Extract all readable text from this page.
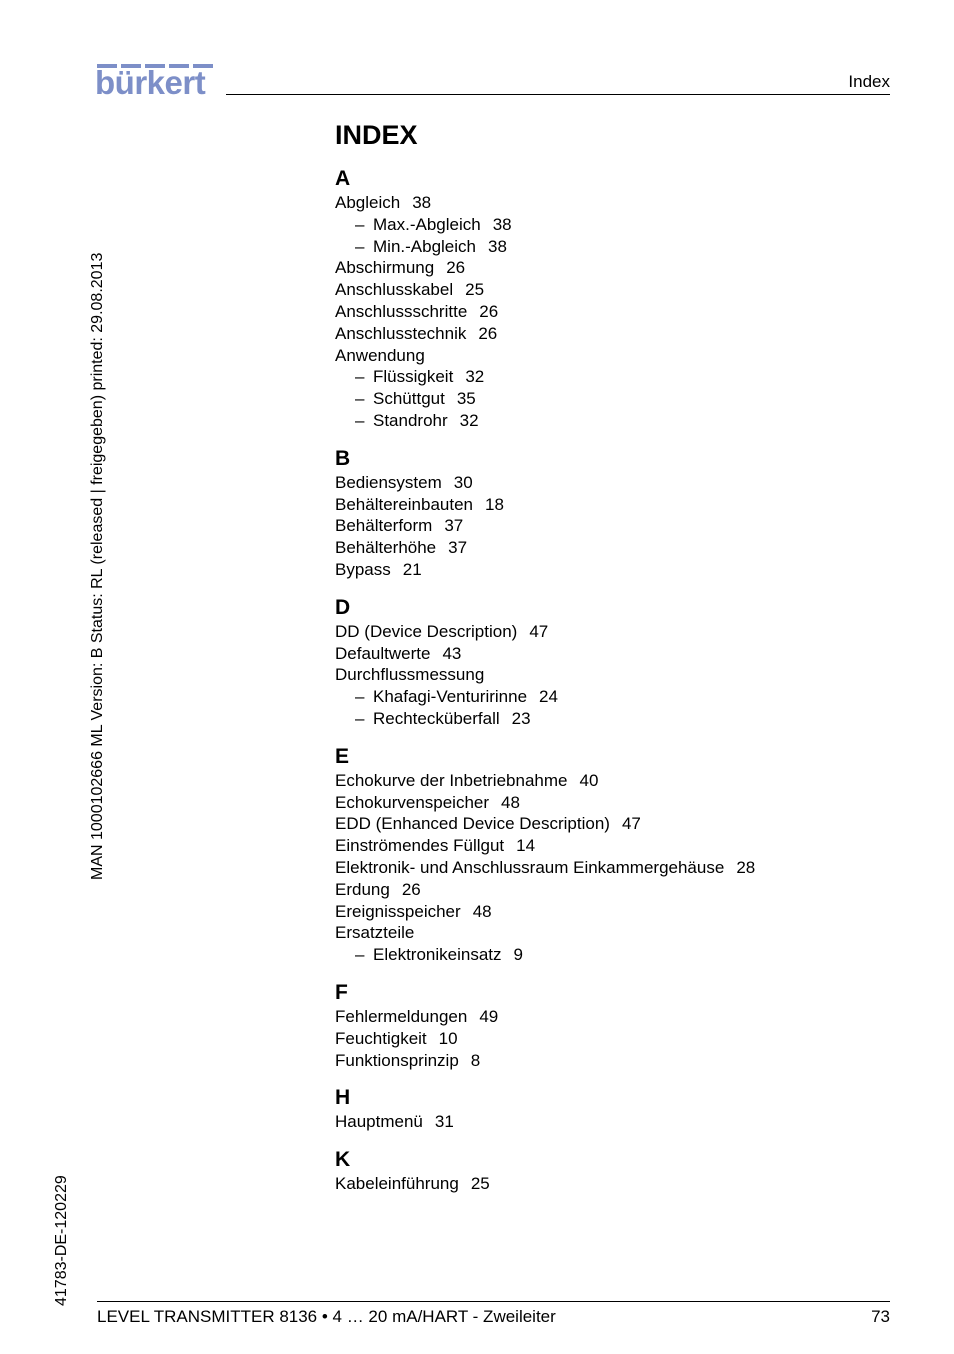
bürkert	Index
MAN 1000102666 ML Version: B Status: RL (released | freigegeben) printed: 29.08.2013
41783-DE-120229
INDEX
A
Abgleich 38
– Max.-Abgleich 38
– Min.-Abgleich 38
Abschirmung 26
Anschlusskabel 25
Anschlussschritte 26
Anschlusstechnik 26
Anwendung
– Flüssigkeit 32
– Schüttgut 35
– Standrohr 32
B
Bediensystem 30
Behältereinbauten 18
Behälterform 37
Behälterhöhe 37
Bypass 21
D
DD (Device Description) 47
Defaultwerte 43
Durchflussmessung
– Khafagi-Venturirinne 24
– Rechtecküberfall 23
E
Echokurve der Inbetriebnahme 40
Echokurvenspeicher 48
EDD (Enhanced Device Description) 47
Einströmendes Füllgut 14
Elektronik- und Anschlussraum Einkammergehäuse 28
Erdung 26
Ereignisspeicher 48
Ersatzteile
– Elektronikeinsatz 9
F
Fehlermeldungen 49
Feuchtigkeit 10
Funktionsprinzip 8
H
Hauptmenü 31
K
Kabeleinführung 25
LEVEL TRANSMITTER 8136 • 4 … 20 mA/HART - Zweileiter	73
